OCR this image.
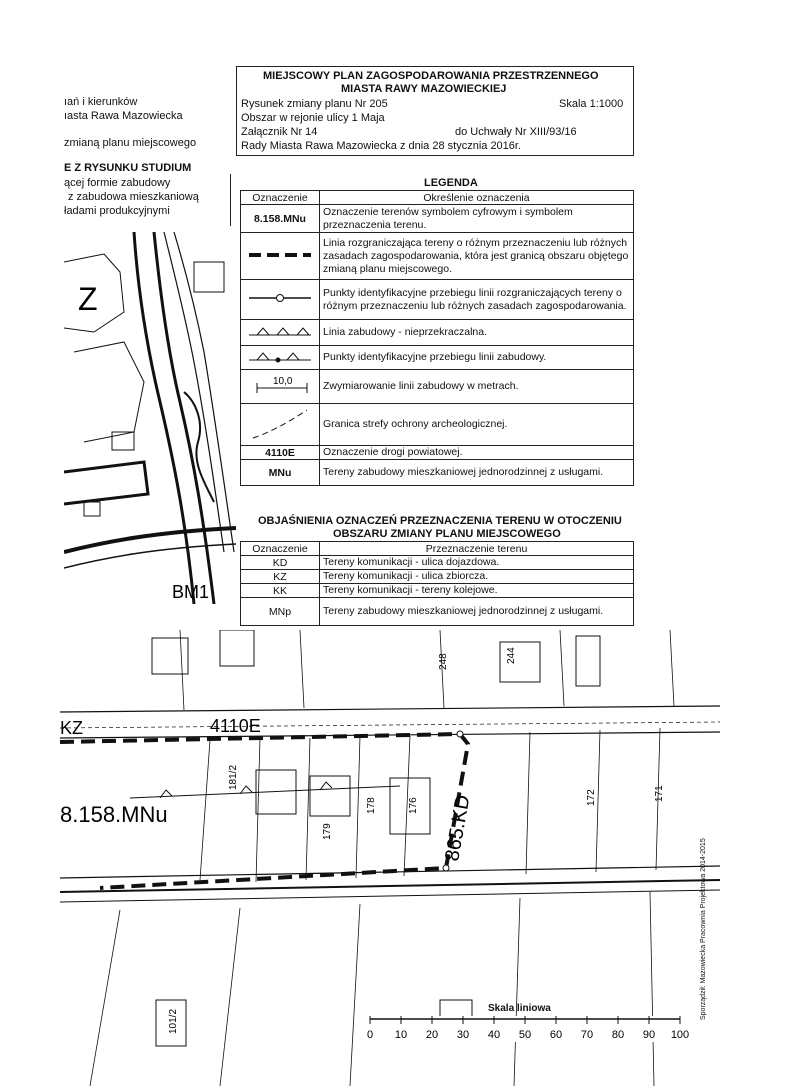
ıań i kierunków
ıasta Rawa Mazowiecka
zmianą planu miejscowego
E Z RYSUNKU STUDIUM
ącej formie zabudowy
z zabudowa mieszkaniową
ładami produkcyjnymi
MIEJSCOWY PLAN ZAGOSPODAROWANIA PRZESTRZENNEGO
MIASTA RAWY MAZOWIECKIEJ
Rysunek zmiany planu Nr 205	Skala 1:1000
Obszar w rejonie ulicy 1 Maja
Załącznik Nr 14	do Uchwały Nr XIII/93/16
Rady Miasta Rawa Mazowiecka z dnia 28 stycznia 2016r.
LEGENDA
Oznaczenie	Określenie oznaczenia
8.158.MNu	Oznaczenie terenów symbolem cyfrowym i symbolem przeznaczenia terenu.
	Linia rozgraniczająca tereny o różnym przeznaczeniu lub różnych zasadach zagospodarowania, która jest granicą obszaru objętego zmianą planu miejscowego.
	Punkty identyfikacyjne przebiegu linii rozgraniczających tereny o różnym przeznaczeniu lub różnych zasadach zagospodarowania.
	Linia zabudowy - nieprzekraczalna.
	Punkty identyfikacyjne przebiegu linii zabudowy.

10,0	Zwymiarowanie linii zabudowy w metrach.
	Granica strefy ochrony archeologicznej.
4110E	Oznaczenie drogi powiatowej.
MNu	Tereny zabudowy mieszkaniowej jednorodzinnej z usługami.
OBJAŚNIENIA OZNACZEŃ PRZEZNACZENIA TERENU W OTOCZENIU
OBSZARU ZMIANY PLANU MIEJSCOWEGO
Oznaczenie	Przeznaczenie terenu
KD	Tereny komunikacji - ulica dojazdowa.
KZ	Tereny komunikacji - ulica zbiorcza.
KK	Tereny komunikacji - tereny kolejowe.
MNp	Tereny zabudowy mieszkaniowej jednorodzinnej z usługami.
Z
BM1
KZ	4110E
8.158.MNu	865.KD
248	244
172	171
176
178
179
181/2
101/2
Sporządził: Mazowiecka Pracownia Projektowa 2014-2015
Skala liniowa
0 10 20 30 40 50 60 70 80 90 100
